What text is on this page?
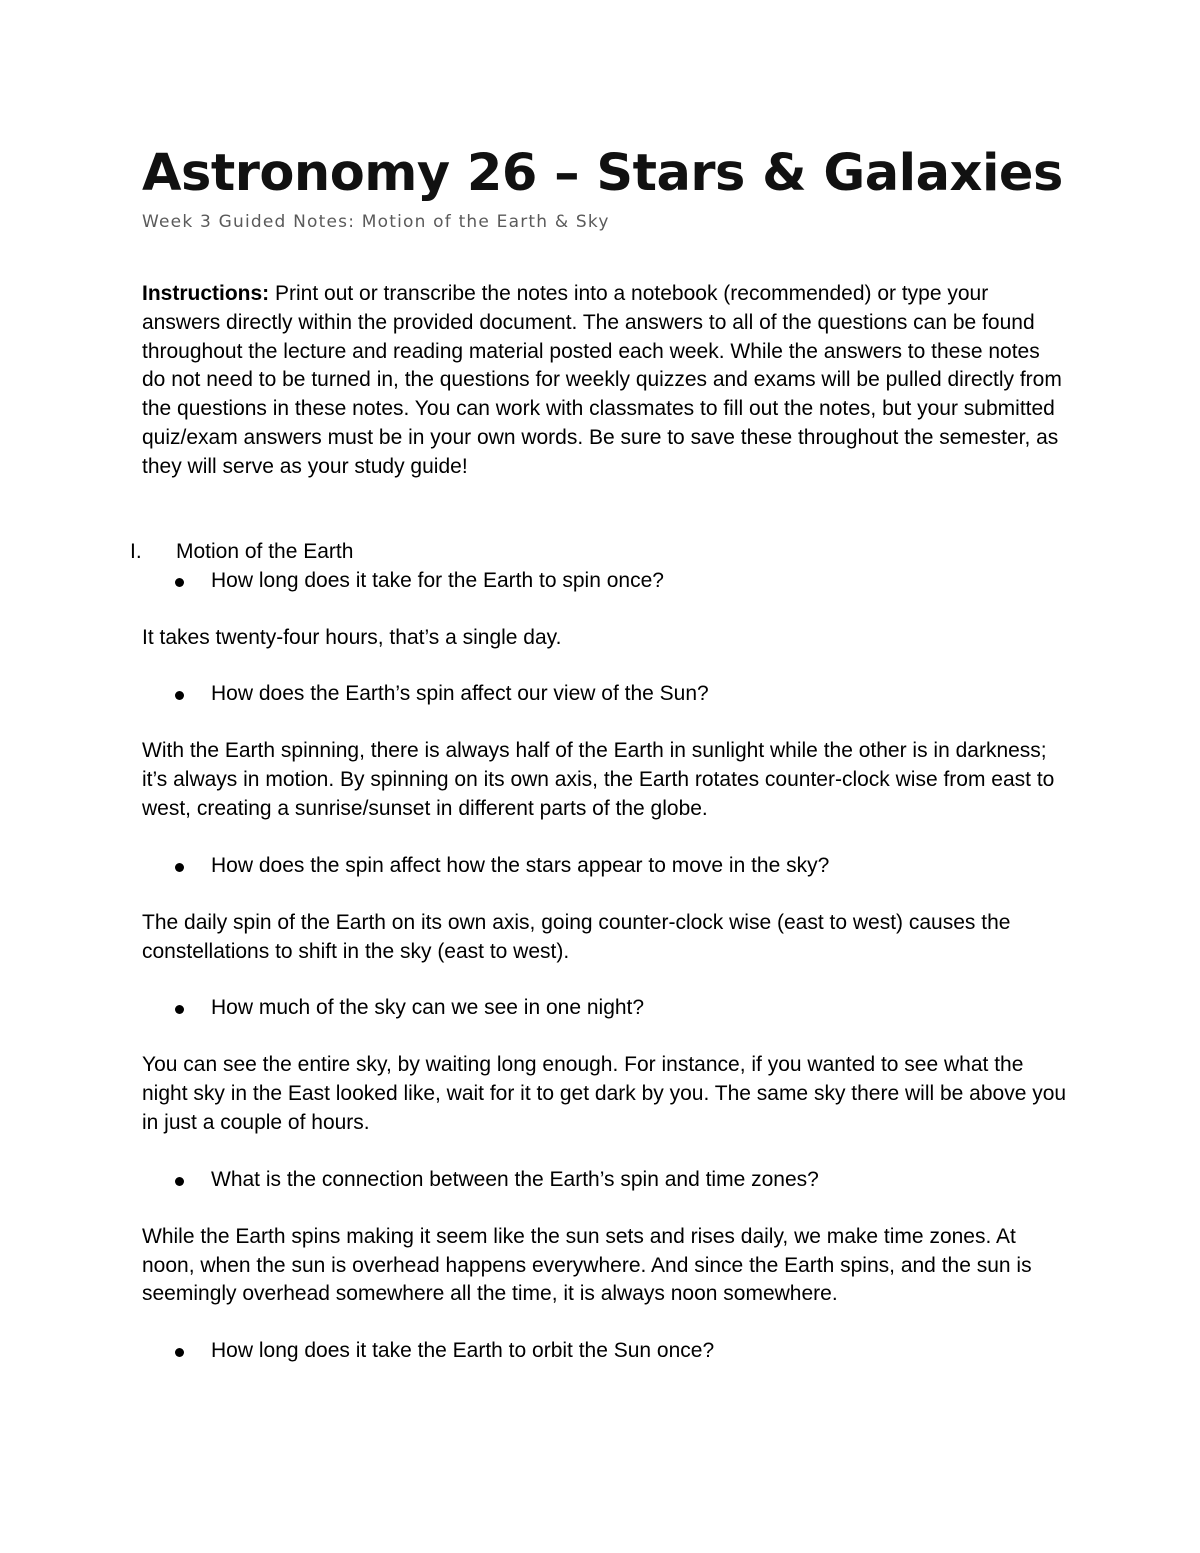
Astronomy 26 – Stars & Galaxies

Week 3 Guided Notes: Motion of the Earth & Sky

Instructions: Print out or transcribe the notes into a notebook (recommended) or type your answers directly within the provided document. The answers to all of the questions can be found throughout the lecture and reading material posted each week. While the answers to these notes do not need to be turned in, the questions for weekly quizzes and exams will be pulled directly from the questions in these notes. You can work with classmates to fill out the notes, but your submitted quiz/exam answers must be in your own words. Be sure to save these throughout the semester, as they will serve as your study guide!

I. Motion of the Earth
How long does it take for the Earth to spin once?

It takes twenty-four hours, that’s a single day.

How does the Earth’s spin affect our view of the Sun?

With the Earth spinning, there is always half of the Earth in sunlight while the other is in darkness; it’s always in motion. By spinning on its own axis, the Earth rotates counter-clock wise from east to west, creating a sunrise/sunset in different parts of the globe.

How does the spin affect how the stars appear to move in the sky?

The daily spin of the Earth on its own axis, going counter-clock wise (east to west) causes the constellations to shift in the sky (east to west).

How much of the sky can we see in one night?

You can see the entire sky, by waiting long enough. For instance, if you wanted to see what the night sky in the East looked like, wait for it to get dark by you. The same sky there will be above you in just a couple of hours.

What is the connection between the Earth’s spin and time zones?

While the Earth spins making it seem like the sun sets and rises daily, we make time zones. At noon, when the sun is overhead happens everywhere. And since the Earth spins, and the sun is seemingly overhead somewhere all the time, it is always noon somewhere.

How long does it take the Earth to orbit the Sun once?
